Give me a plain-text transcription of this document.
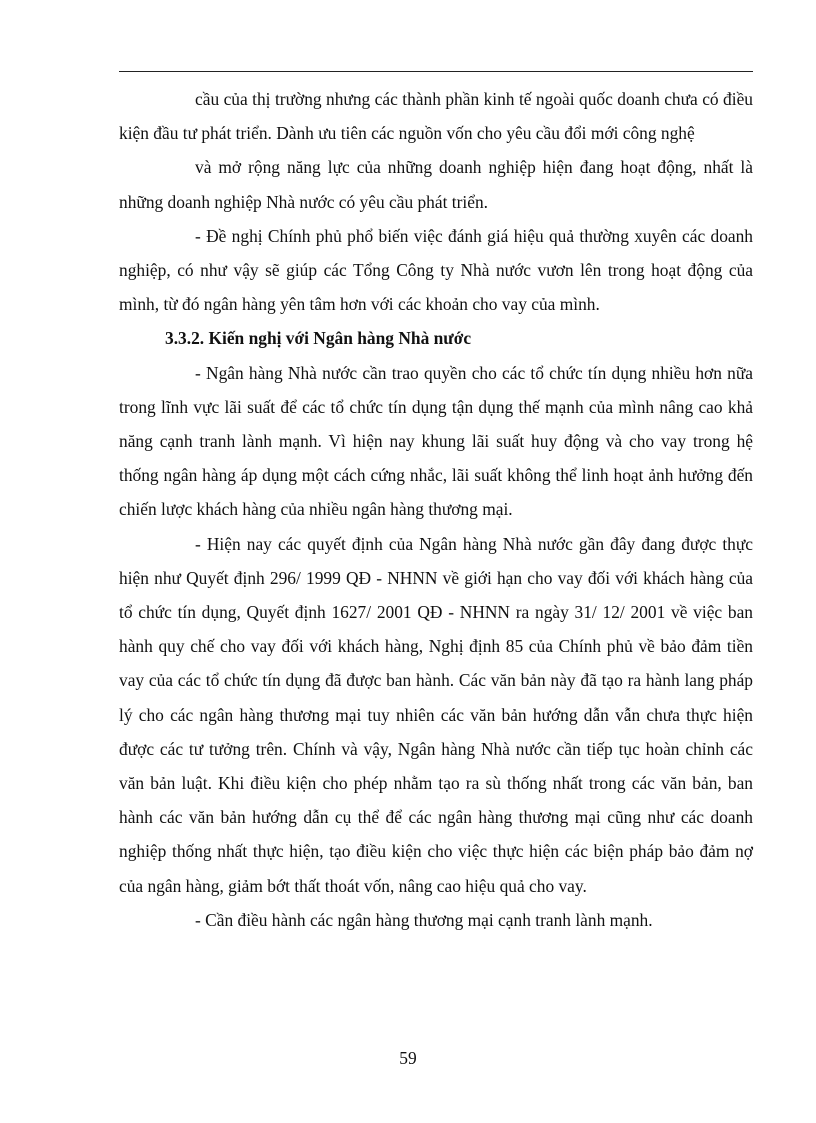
cầu của thị trường nhưng các thành phần kinh tế ngoài quốc doanh chưa có điều kiện đầu tư phát triển. Dành ưu tiên các nguồn vốn cho yêu cầu đổi mới công nghệ

và mở rộng năng lực của những doanh nghiệp hiện đang hoạt động, nhất là những doanh nghiệp Nhà nước có yêu cầu phát triển.

- Đề nghị Chính phủ phổ biến việc đánh giá hiệu quả thường xuyên các doanh nghiệp, có như vậy sẽ giúp các Tổng Công ty Nhà nước vươn lên trong hoạt động của mình, từ đó ngân hàng yên tâm hơn với các khoản cho vay của mình.

3.3.2. Kiến nghị với Ngân hàng Nhà nước

- Ngân hàng Nhà nước cần trao quyền cho các tổ chức tín dụng nhiều hơn nữa trong lĩnh vực lãi suất để các tổ chức tín dụng tận dụng thế mạnh của mình nâng cao khả năng cạnh tranh lành mạnh. Vì hiện nay khung lãi suất huy động và cho vay trong hệ thống ngân hàng áp dụng một cách cứng nhắc, lãi suất không thể linh hoạt ảnh hưởng đến chiến lược khách hàng của nhiều ngân hàng thương mại.

- Hiện nay các quyết định của Ngân hàng Nhà nước gần đây đang được thực hiện như Quyết định 296/ 1999 QĐ - NHNN về giới hạn cho vay đối với khách hàng của tổ chức tín dụng, Quyết định 1627/ 2001 QĐ - NHNN ra ngày 31/ 12/ 2001 về việc ban hành quy chế cho vay đối với khách hàng, Nghị định 85 của Chính phủ về bảo đảm tiền vay của các tổ chức tín dụng đã được ban hành. Các văn bản này đã tạo ra hành lang pháp lý cho các ngân hàng thương mại tuy nhiên các văn bản hướng dẫn vẫn chưa thực hiện được các tư tưởng trên. Chính và vậy, Ngân hàng Nhà nước cần tiếp tục hoàn chỉnh các văn bản luật. Khi điều kiện cho phép nhằm tạo ra sù thống nhất trong các văn bản, ban hành các văn bản hướng dẫn cụ thể để các ngân hàng thương mại cũng như các doanh nghiệp thống nhất thực hiện, tạo điều kiện cho việc thực hiện các biện pháp bảo đảm nợ của ngân hàng, giảm bớt thất thoát vốn, nâng cao hiệu quả cho vay.

- Cần điều hành các ngân hàng thương mại cạnh tranh lành mạnh.

59
